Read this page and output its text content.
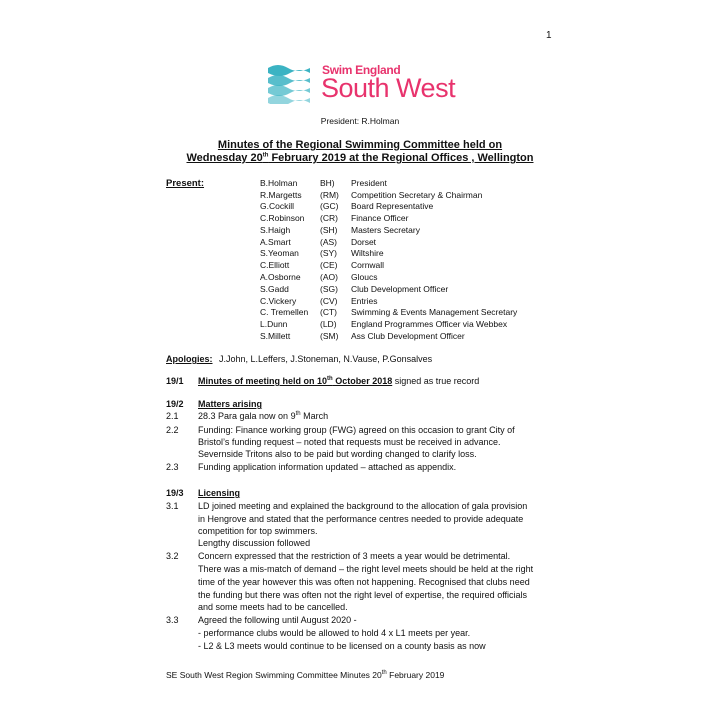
1
Swim England
South West
President: R.Holman
Minutes of the Regional Swimming Committee held on
Wednesday 20th February 2019 at the Regional Offices , Wellington
Present:	B.Holman	BH) President
R.Margetts (RM) Competition Secretary & Chairman
G.Cockill	(GC) Board Representative
C.Robinson (CR) Finance Officer
S.Haigh	(SH) Masters Secretary
A.Smart	(AS) Dorset
S.Yeoman (SY) Wiltshire
C.Elliott	(CE) Cornwall
A.Osborne (AO) Gloucs
S.Gadd	(SG) Club Development Officer
C.Vickery	(CV) Entries
C. Tremellen (CT) Swimming & Events Management Secretary
L.Dunn	(LD) England Programmes Officer via Webbex
S.Millett	(SM) Ass Club Development Officer
Apologies: J.John, L.Leffers, J.Stoneman, N.Vause, P.Gonsalves
19/1 Minutes of meeting held on 10th October 2018 signed as true record
19/2 Matters arising
2.1 28.3 Para gala now on 9th March
2.2 Funding: Finance working group (FWG) agreed on this occasion to grant City of
Bristol’s funding request – noted that requests must be received in advance.
Severnside Tritons also to be paid but wording changed to clarify loss.
2.3 Funding application information updated – attached as appendix.
19/3 Licensing
3.1 LD joined meeting and explained the background to the allocation of gala provision
in Hengrove and stated that the performance centres needed to provide adequate
competition for top swimmers.
Lengthy discussion followed
3.2 Concern expressed that the restriction of 3 meets a year would be detrimental.
There was a mis-match of demand – the right level meets should be held at the right
time of the year however this was often not happening. Recognised that clubs need
the funding but there was often not the right level of expertise, the required officials
and some meets had to be cancelled.
3.3 Agreed the following until August 2020 -
- performance clubs would be allowed to hold 4 x L1 meets per year.
- L2 & L3 meets would continue to be licensed on a county basis as now
SE South West Region Swimming Committee Minutes 20th February 2019
